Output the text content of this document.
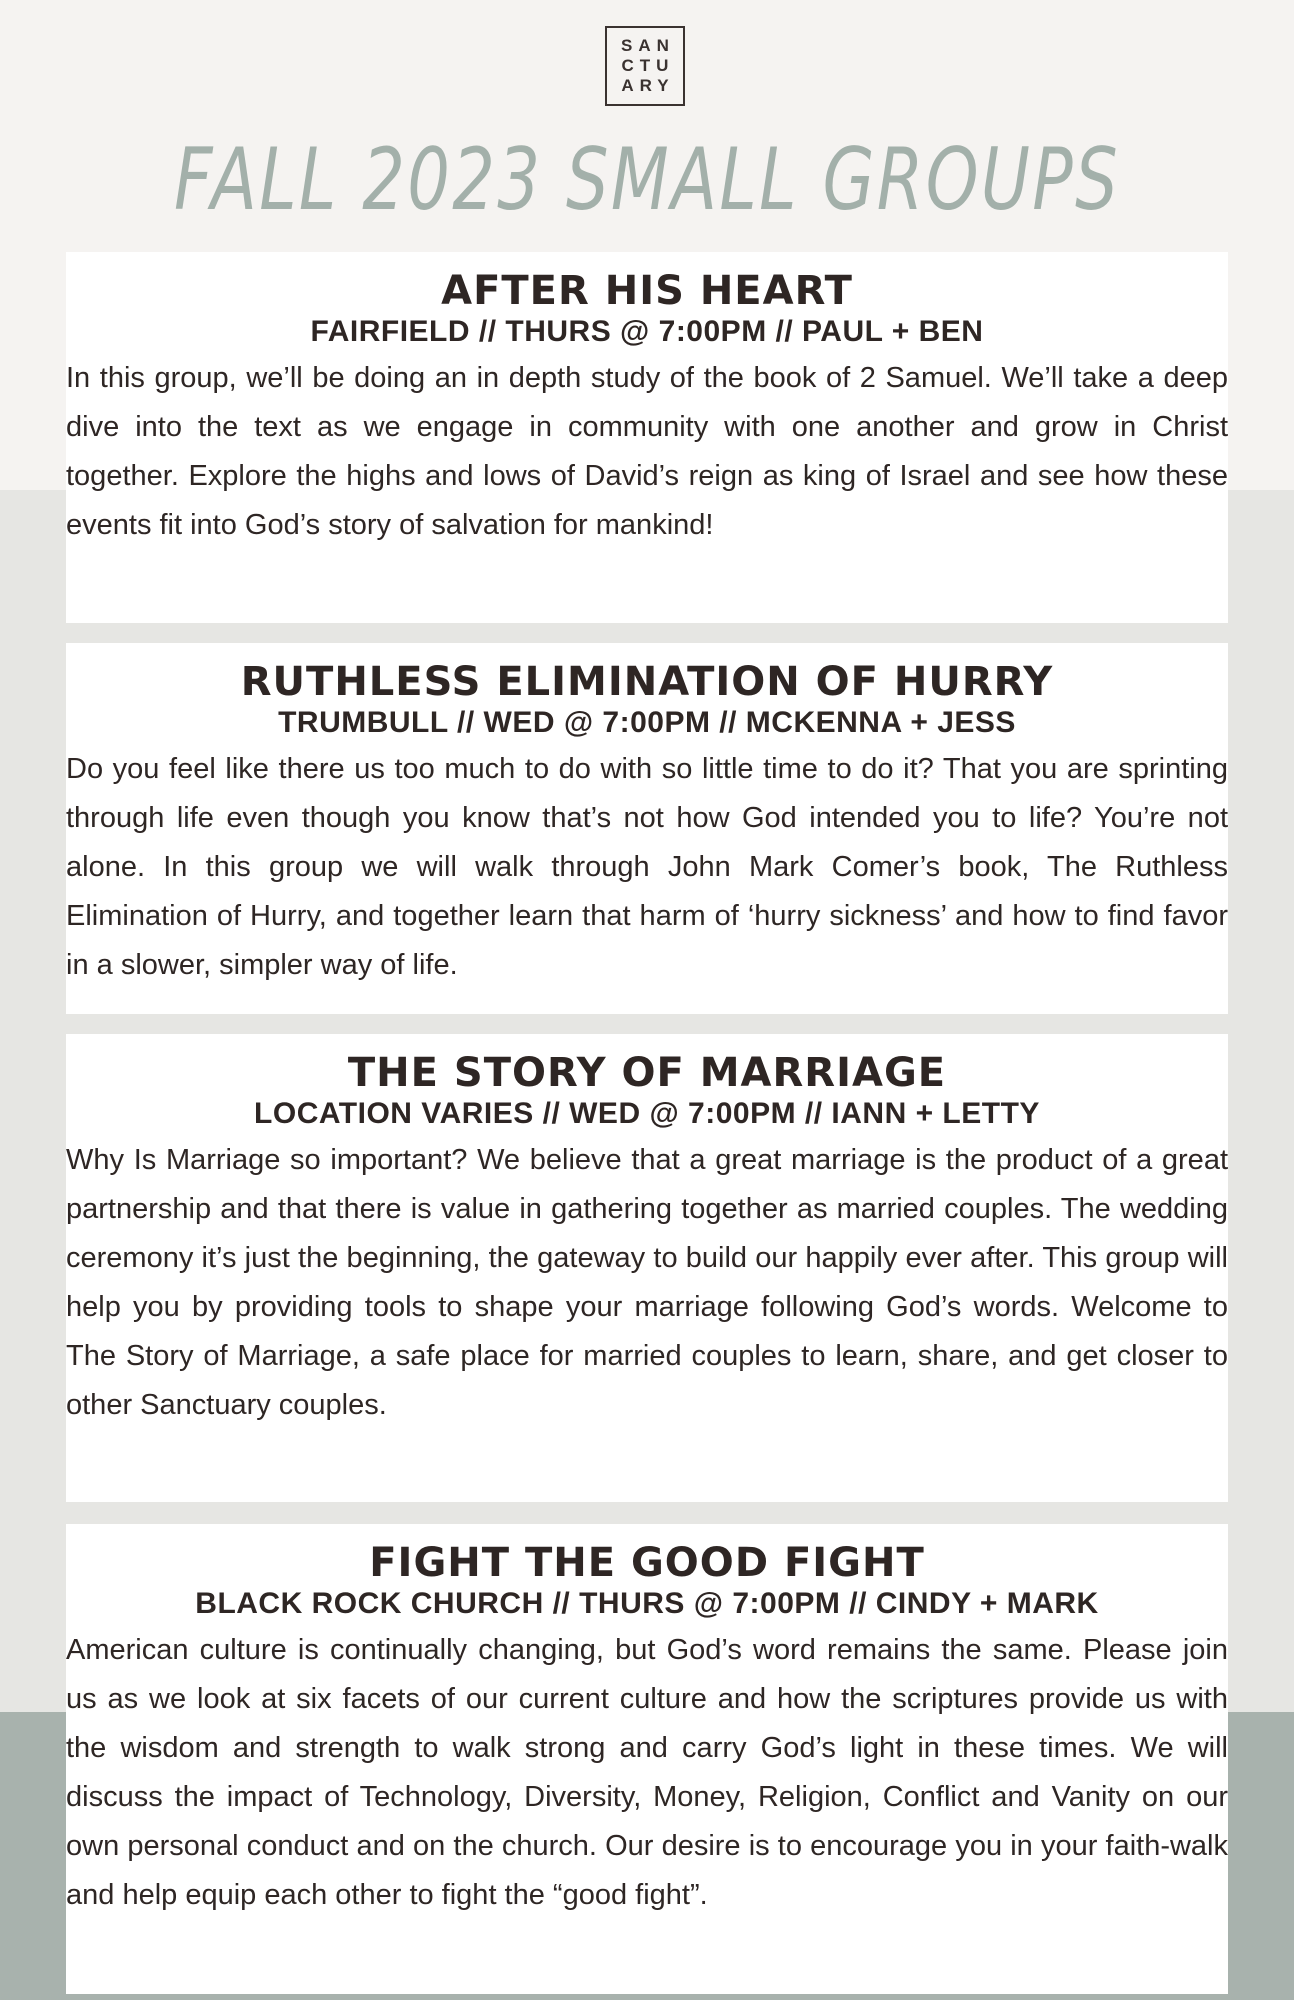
SAN
CTU
ARY
FALL 2023 SMALL GROUPS
AFTER HIS HEART
FAIRFIELD // THURS @ 7:00PM // PAUL + BEN

In this group, we’ll be doing an in depth study of the book of 2 Samuel. We’ll take a deep dive into the text as we engage in community with one another and grow in Christ together. Explore the highs and lows of David’s reign as king of Israel and see how these events fit into God’s story of salvation for mankind!

RUTHLESS ELIMINATION OF HURRY
TRUMBULL // WED @ 7:00PM // MCKENNA + JESS

Do you feel like there us too much to do with so little time to do it? That you are sprinting through life even though you know that’s not how God intended you to life? You’re not alone. In this group we will walk through John Mark Comer’s book, The Ruthless Elimination of Hurry, and together learn that harm of ‘hurry sickness’ and how to find favor in a slower, simpler way of life.

THE STORY OF MARRIAGE
LOCATION VARIES // WED @ 7:00PM // IANN + LETTY

Why Is Marriage so important? We believe that a great marriage is the product of a great partnership and that there is value in gathering together as married couples. The wedding ceremony it’s just the beginning, the gateway to build our happily ever after. This group will help you by providing tools to shape your marriage following God’s words. Welcome to The Story of Marriage, a safe place for married couples to learn, share, and get closer to other Sanctuary couples.

FIGHT THE GOOD FIGHT
BLACK ROCK CHURCH // THURS @ 7:00PM // CINDY + MARK

American culture is continually changing, but God’s word remains the same. Please join us as we look at six facets of our current culture and how the scriptures provide us with the wisdom and strength to walk strong and carry God’s light in these times. We will discuss the impact of Technology, Diversity, Money, Religion, Conflict and Vanity on our own personal conduct and on the church. Our desire is to encourage you in your faith-walk and help equip each other to fight the “good fight”.
